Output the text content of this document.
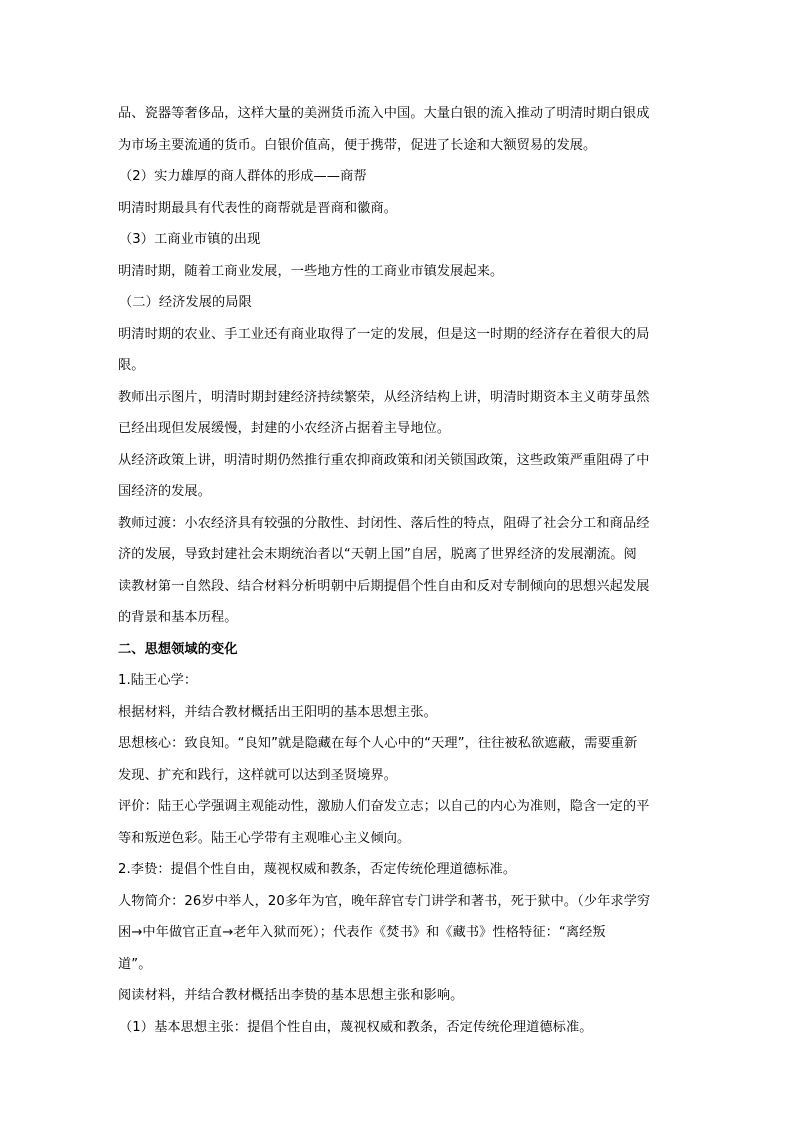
品、瓷器等奢侈品，这样大量的美洲货币流入中国。大量白银的流入推动了明清时期白银成
为市场主要流通的货币。白银价值高，便于携带，促进了长途和大额贸易的发展。
（2）实力雄厚的商人群体的形成——商帮
明清时期最具有代表性的商帮就是晋商和徽商。
（3）工商业市镇的出现
明清时期，随着工商业发展，一些地方性的工商业市镇发展起来。
（二）经济发展的局限
明清时期的农业、手工业还有商业取得了一定的发展，但是这一时期的经济存在着很大的局
限。
教师出示图片，明清时期封建经济持续繁荣，从经济结构上讲，明清时期资本主义萌芽虽然
已经出现但发展缓慢，封建的小农经济占据着主导地位。
从经济政策上讲，明清时期仍然推行重农抑商政策和闭关锁国政策，这些政策严重阻碍了中
国经济的发展。
教师过渡：小农经济具有较强的分散性、封闭性、落后性的特点，阻碍了社会分工和商品经
济的发展，导致封建社会末期统治者以“天朝上国”自居，脱离了世界经济的发展潮流。阅
读教材第一自然段、结合材料分析明朝中后期提倡个性自由和反对专制倾向的思想兴起发展
的背景和基本历程。
二、思想领域的变化
1.陆王心学：
根据材料，并结合教材概括出王阳明的基本思想主张。
思想核心：致良知。“良知”就是隐藏在每个人心中的“天理”，往往被私欲遮蔽，需要重新
发现、扩充和践行，这样就可以达到圣贤境界。
评价：陆王心学强调主观能动性，激励人们奋发立志；以自己的内心为准则，隐含一定的平
等和叛逆色彩。陆王心学带有主观唯心主义倾向。
2.李贽：提倡个性自由，蔑视权威和教条，否定传统伦理道德标准。
人物简介：26岁中举人，20多年为官，晚年辞官专门讲学和著书，死于狱中。（少年求学穷
困→中年做官正直→老年入狱而死）；代表作《焚书》和《藏书》性格特征：“离经叛
道”。
阅读材料，并结合教材概括出李贽的基本思想主张和影响。
（1）基本思想主张：提倡个性自由，蔑视权威和教条，否定传统伦理道德标准。
